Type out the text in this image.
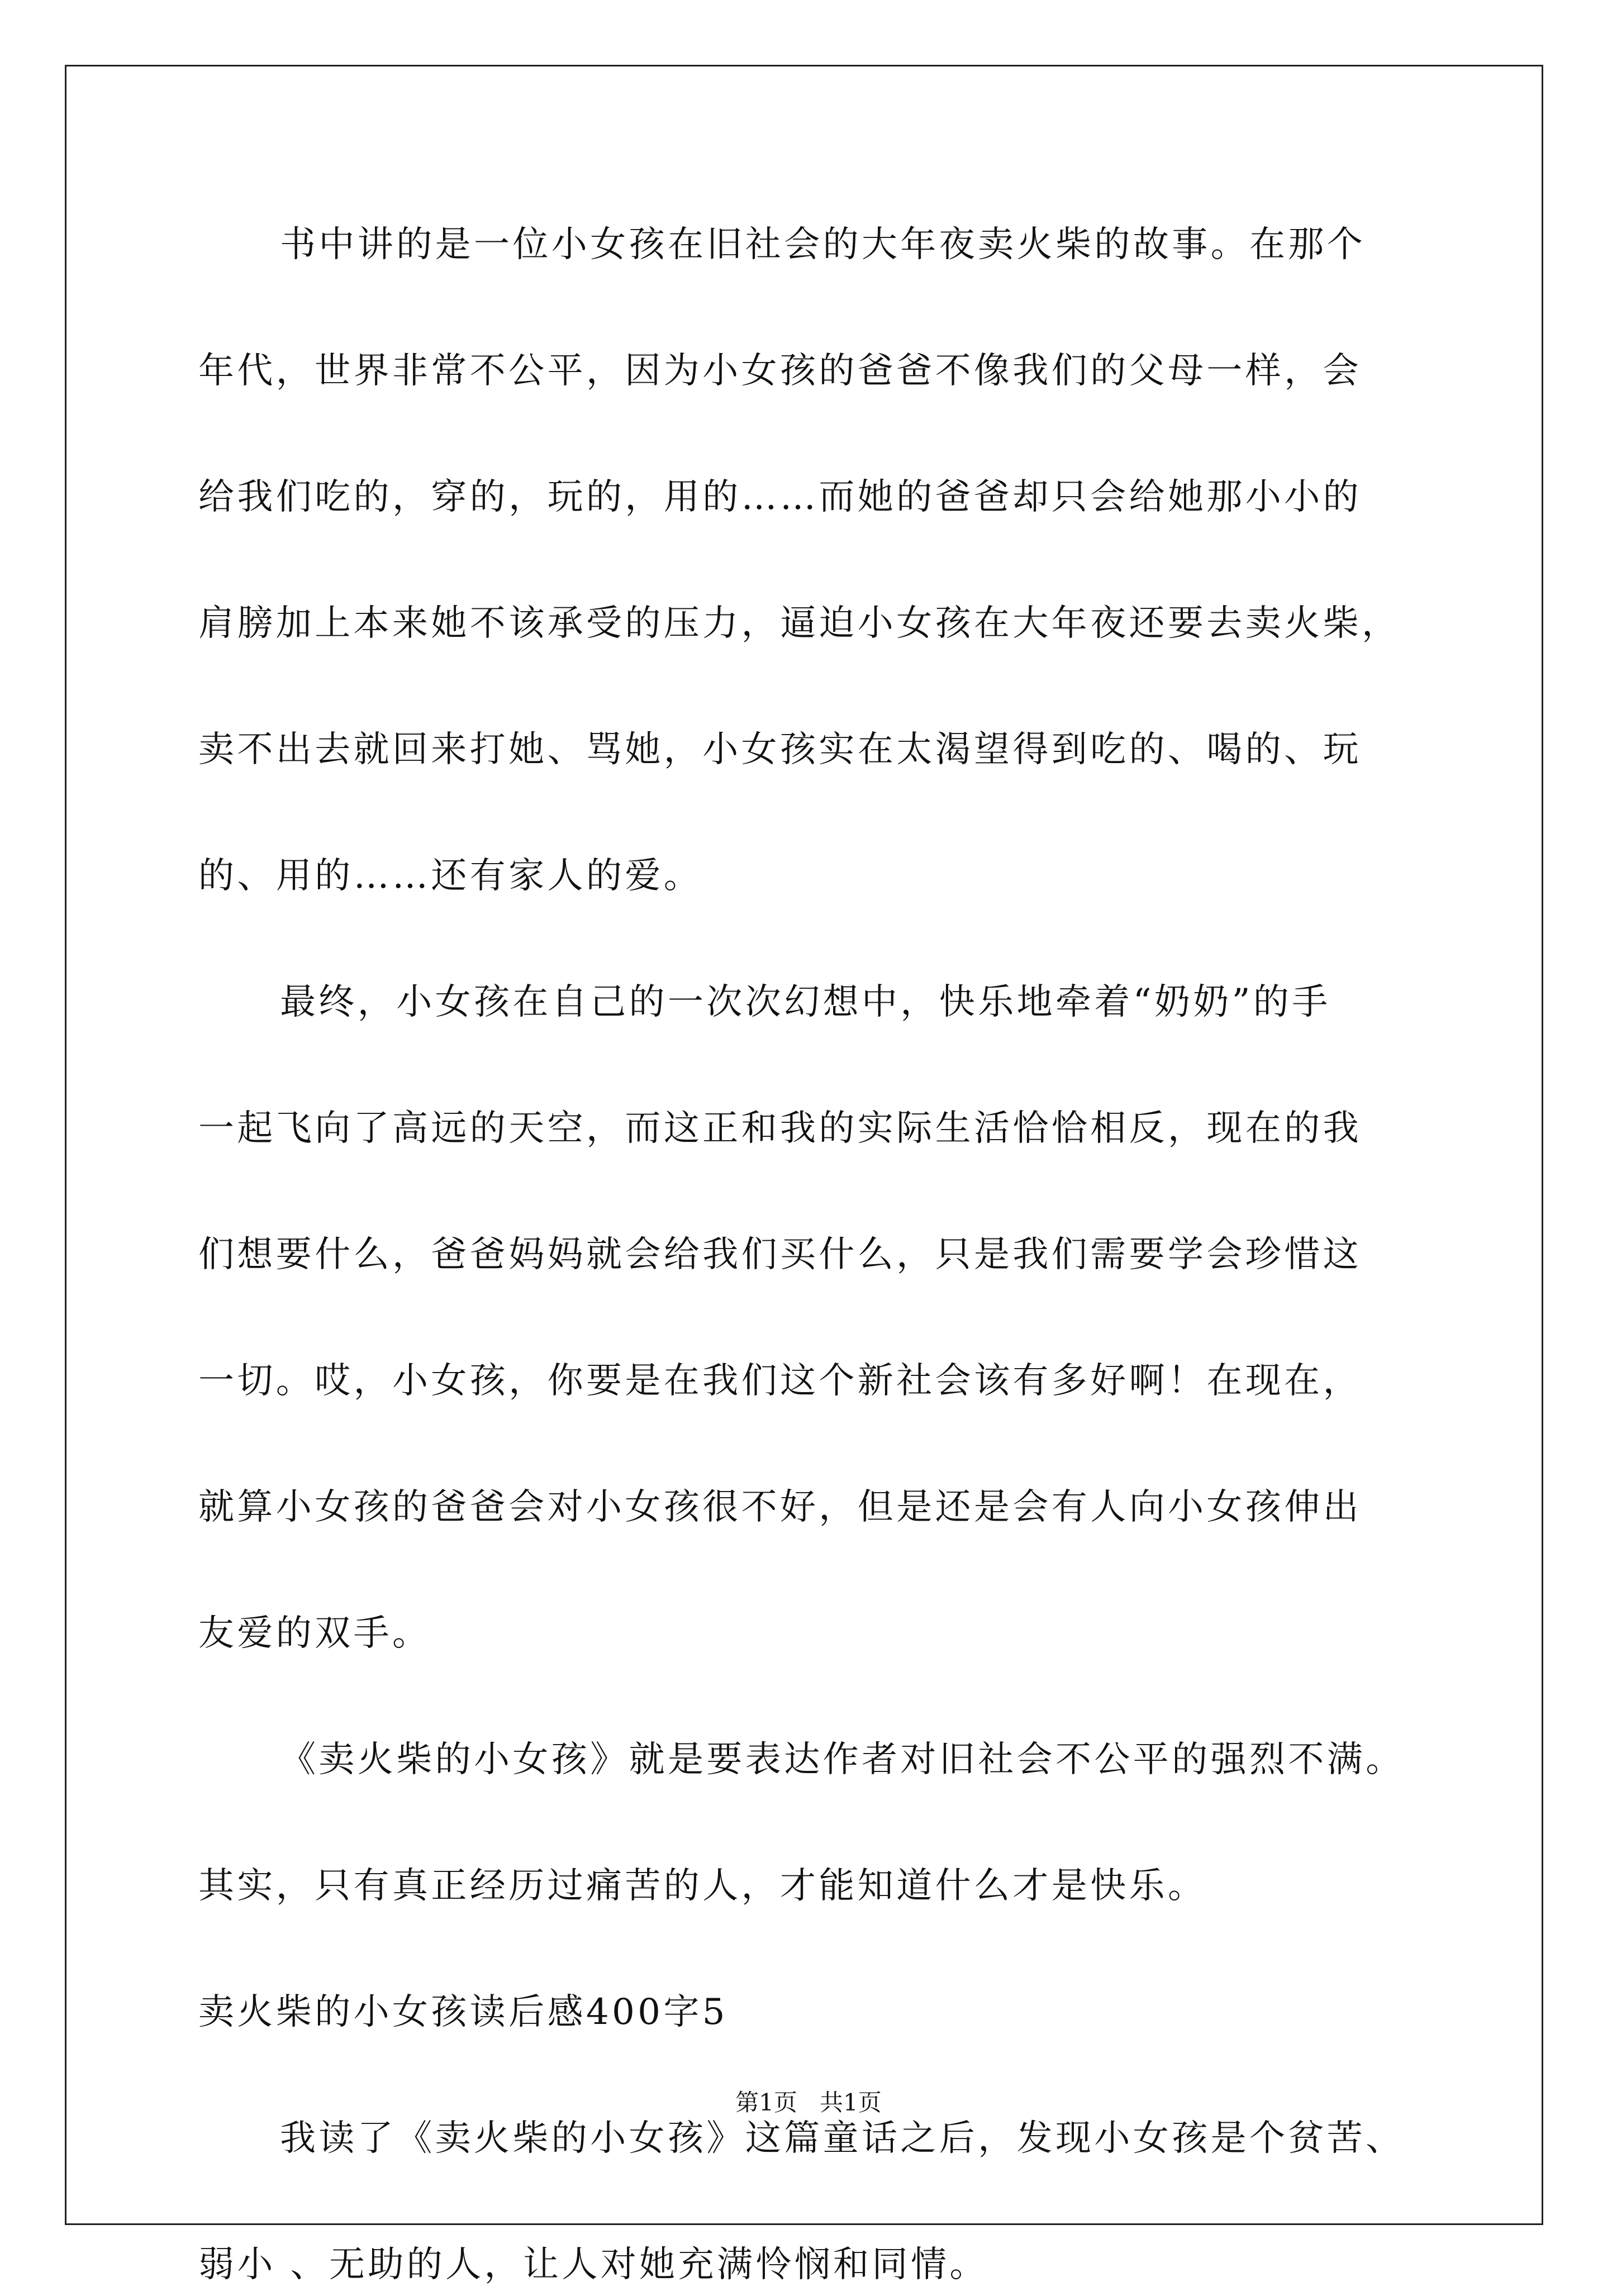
书中讲的是一位小女孩在旧社会的大年夜卖火柴的故事。在那个
年代，世界非常不公平，因为小女孩的爸爸不像我们的父母一样，会
给我们吃的，穿的，玩的，用的……而她的爸爸却只会给她那小小的
肩膀加上本来她不该承受的压力，逼迫小女孩在大年夜还要去卖火柴，
卖不出去就回来打她、骂她，小女孩实在太渴望得到吃的、喝的、玩
的、用的……还有家人的爱。
最终，小女孩在自己的一次次幻想中，快乐地牵着“奶奶”的手
一起飞向了高远的天空，而这正和我的实际生活恰恰相反，现在的我
们想要什么，爸爸妈妈就会给我们买什么，只是我们需要学会珍惜这
一切。哎，小女孩，你要是在我们这个新社会该有多好啊！在现在，
就算小女孩的爸爸会对小女孩很不好，但是还是会有人向小女孩伸出
友爱的双手。
《卖火柴的小女孩》就是要表达作者对旧社会不公平的强烈不满。
其实，只有真正经历过痛苦的人，才能知道什么才是快乐。
卖火柴的小女孩读后感400字5
我读了《卖火柴的小女孩》这篇童话之后，发现小女孩是个贫苦、
弱小 、无助的人，让人对她充满怜悯和同情。
第1页   共1页
